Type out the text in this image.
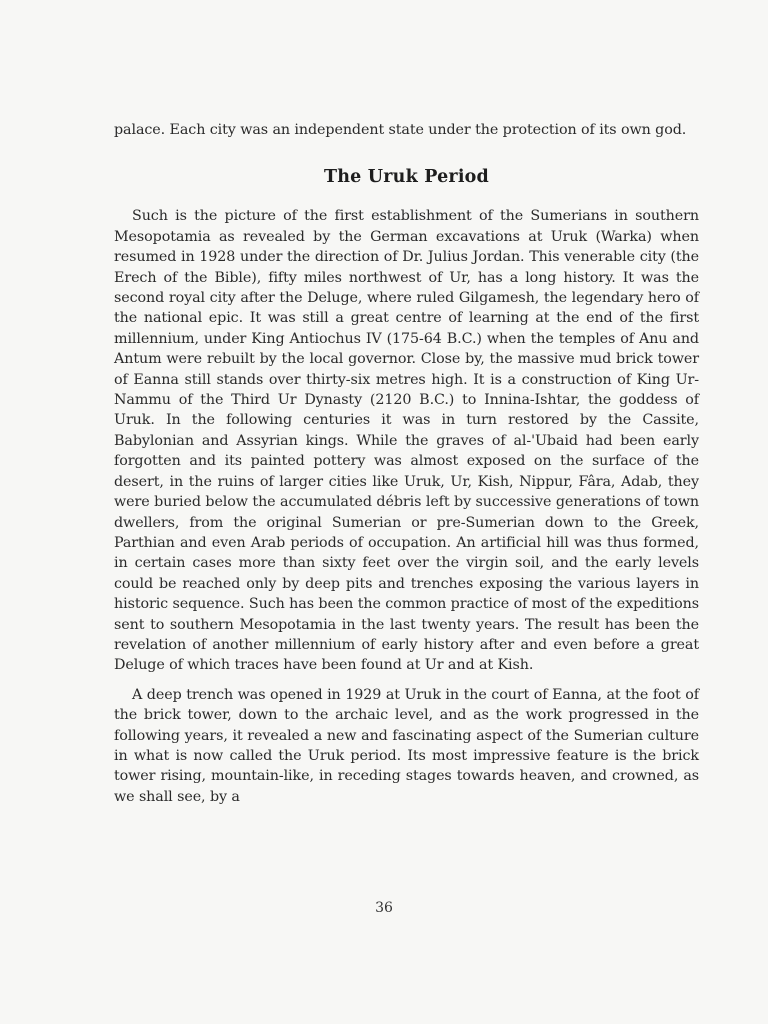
palace. Each city was an independent state under the protection of its own god.

The Uruk Period

Such is the picture of the first establishment of the Sumerians in southern Mesopotamia as revealed by the German excavations at Uruk (Warka) when resumed in 1928 under the direction of Dr. Julius Jordan. This venerable city (the Erech of the Bible), fifty miles northwest of Ur, has a long history. It was the second royal city after the Deluge, where ruled Gilgamesh, the legendary hero of the national epic. It was still a great centre of learning at the end of the first millennium, under King Antiochus IV (175-64 B.C.) when the temples of Anu and Antum were rebuilt by the local governor. Close by, the massive mud brick tower of Eanna still stands over thirty-six metres high. It is a construction of King Ur-Nammu of the Third Ur Dynasty (2120 B.C.) to Innina-Ishtar, the goddess of Uruk. In the following centuries it was in turn restored by the Cassite, Babylonian and Assyrian kings. While the graves of al-'Ubaid had been early forgotten and its painted pottery was almost exposed on the surface of the desert, in the ruins of larger cities like Uruk, Ur, Kish, Nippur, Fâra, Adab, they were buried below the accumulated débris left by successive generations of town dwellers, from the original Sumerian or pre-Sumerian down to the Greek, Parthian and even Arab periods of occupation. An artificial hill was thus formed, in certain cases more than sixty feet over the virgin soil, and the early levels could be reached only by deep pits and trenches exposing the various layers in historic sequence. Such has been the common practice of most of the expeditions sent to southern Mesopotamia in the last twenty years. The result has been the revelation of another millennium of early history after and even before a great Deluge of which traces have been found at Ur and at Kish.

A deep trench was opened in 1929 at Uruk in the court of Eanna, at the foot of the brick tower, down to the archaic level, and as the work progressed in the following years, it revealed a new and fascinating aspect of the Sumerian culture in what is now called the Uruk period. Its most impressive feature is the brick tower rising, mountain-like, in receding stages towards heaven, and crowned, as we shall see, by a

36
